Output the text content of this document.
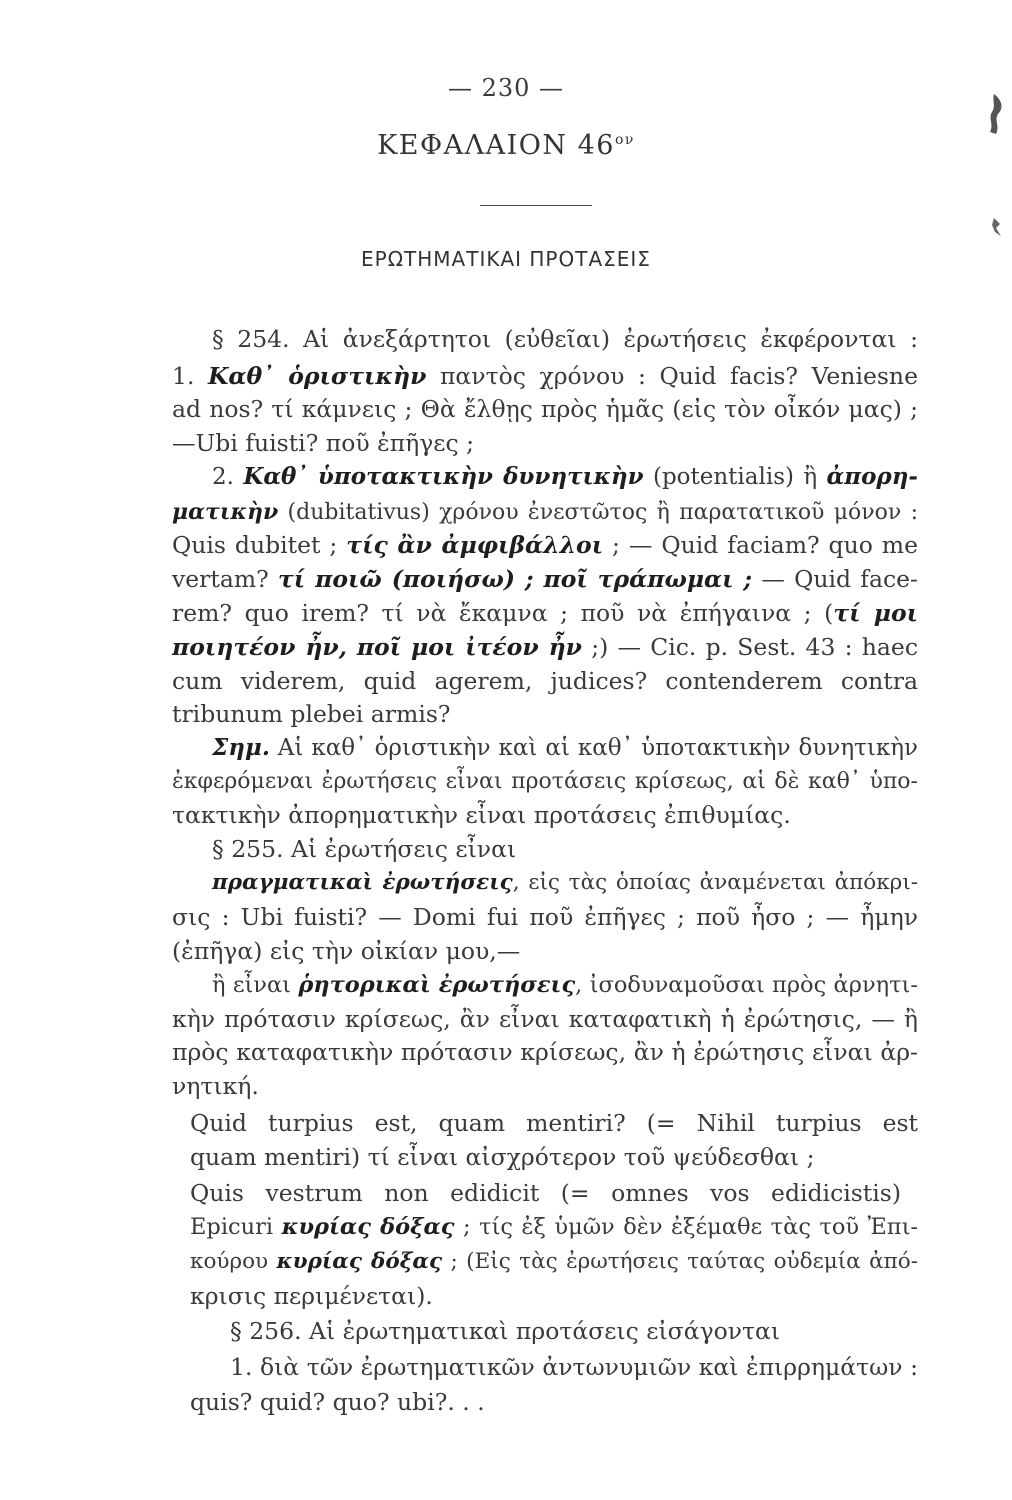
— 230 —
ΚΕΦΑΛΑΙΟΝ $46^{o\nu}$
ΕΡΩΤΗΜΑΤΙΚΑΙ ΠΡΟΤΑΣΕΙΣ
§ 254. Αἱ ἀνεξάρτητοι (εὐθεῖαι) ἐρωτήσεις ἐκφέρονται :
1. Καθ᾽ ὁριστικὴν παντὸς χρόνου : Quid facis? Veniesne
ad nos? τί κάμνεις ; Θὰ ἔλθῃς πρὸς ἡμᾶς (εἰς τὸν οἶκόν μας) ;
—Ubi fuisti? ποῦ ἐπῆγες ;
2. Καθ᾽ ὑποτακτικὴν δυνητικὴν (potentialis) ἢ ἀπορη-
ματικὴν (dubitativus) χρόνου ἐνεστῶτος ἢ παρατατικοῦ μόνον :
Quis dubitet ; τίς ἂν ἀμφιβάλλοι ; — Quid faciam? quo me
vertam? τί ποιῶ (ποιήσω) ; ποῖ τράπωμαι ; — Quid face-
rem? quo irem? τί νὰ ἔκαμνα ; ποῦ νὰ ἐπήγαινα ; (τί μοι
ποιητέον ἦν, ποῖ μοι ἰτέον ἦν ;) — Cic. p. Sest. 43 : haec
cum viderem, quid agerem, judices? contenderem contra
tribunum plebei armis?
Σημ. Αἱ καθ᾽ ὁριστικὴν καὶ αἱ καθ᾽ ὑποτακτικὴν δυνητικὴν
ἐκφερόμεναι ἐρωτήσεις εἶναι προτάσεις κρίσεως, αἱ δὲ καθ᾽ ὑπο-
τακτικὴν ἀπορηματικὴν εἶναι προτάσεις ἐπιθυμίας.
§ 255. Αἱ ἐρωτήσεις εἶναι
πραγματικαὶ ἐρωτήσεις, εἰς τὰς ὁποίας ἀναμένεται ἀπόκρι-
σις : Ubi fuisti? — Domi fui ποῦ ἐπῆγες ; ποῦ ἦσο ; — ἦμην
(ἐπῆγα) εἰς τὴν οἰκίαν μου,—
ἢ εἶναι ῥητορικαὶ ἐρωτήσεις, ἰσοδυναμοῦσαι πρὸς ἀρνητι-
κὴν πρότασιν κρίσεως, ἂν εἶναι καταφατικὴ ἡ ἐρώτησις, — ἢ
πρὸς καταφατικὴν πρότασιν κρίσεως, ἂν ἡ ἐρώτησις εἶναι ἀρ-
νητική.
Quid turpius est, quam mentiri? (= Nihil turpius est
quam mentiri) τί εἶναι αἰσχρότερον τοῦ ψεύδεσθαι ;
Quis vestrum non edidicit (= omnes vos edidicistis)
Epicuri κυρίας δόξας ; τίς ἐξ ὑμῶν δὲν ἐξέμαθε τὰς τοῦ Ἐπι-
κούρου κυρίας δόξας ; (Εἰς τὰς ἐρωτήσεις ταύτας οὐδεμία ἀπό-
κρισις περιμένεται).
§ 256. Αἱ ἐρωτηματικαὶ προτάσεις εἰσάγονται
1. διὰ τῶν ἐρωτηματικῶν ἀντωνυμιῶν καὶ ἐπιρρημάτων :
quis? quid? quo? ubi?. . .
